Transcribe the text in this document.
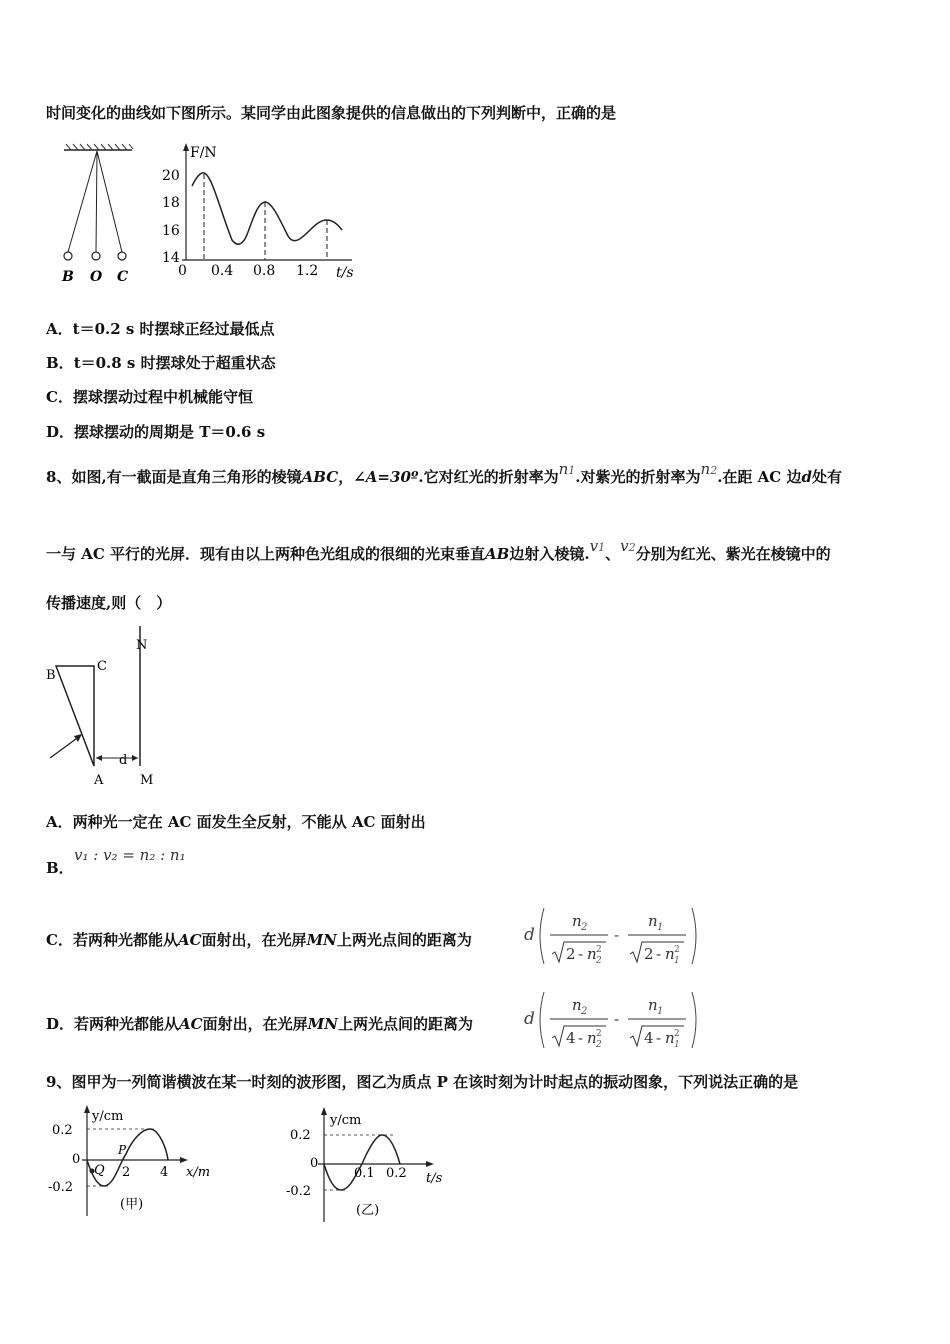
时间变化的曲线如下图所示。某同学由此图象提供的信息做出的下列判断中，正确的是
B O C
F/N
t/s
20
18
16
14
0 0.4 0.8 1.2
A．t＝0.2 s 时摆球正经过最低点
B．t＝0.8 s 时摆球处于超重状态
C．摆球摆动过程中机械能守恒
D．摆球摆动的周期是 T＝0.6 s
8、如图,有一截面是直角三角形的棱镜ABC，∠A=30º.它对红光的折射率为n1.对紫光的折射率为n2.在距 AC 边d处有
一与 AC 平行的光屏．现有由以上两种色光组成的很细的光束垂直AB边射入棱镜.v1、v2分别为红光、紫光在棱镜中的
传播速度,则（　）
B
C
N
A	M
d
A．两种光一定在 AC 面发生全反射，不能从 AC 面射出
B．
v₁ : v₂ = n₂ : n₁
C．若两种光都能从AC面射出，在光屏MN上两光点间的距离为	d
n 2
2 - n 2
2
-
n 1
2 - n 1
2
D．若两种光都能从AC面射出，在光屏MN上两光点间的距离为	d
n 2
4 - n 2
2
-
n 1
4 - n 1
2
9、图甲为一列简谐横波在某一时刻的波形图，图乙为质点 P 在该时刻为计时起点的振动图象，下列说法正确的是
y/cm
x/m
0.2
0
-0.2
2 4
Q
P
(甲)
y/cm
t/s
0.2
0
-0.2
0.1 0.2
(乙)
